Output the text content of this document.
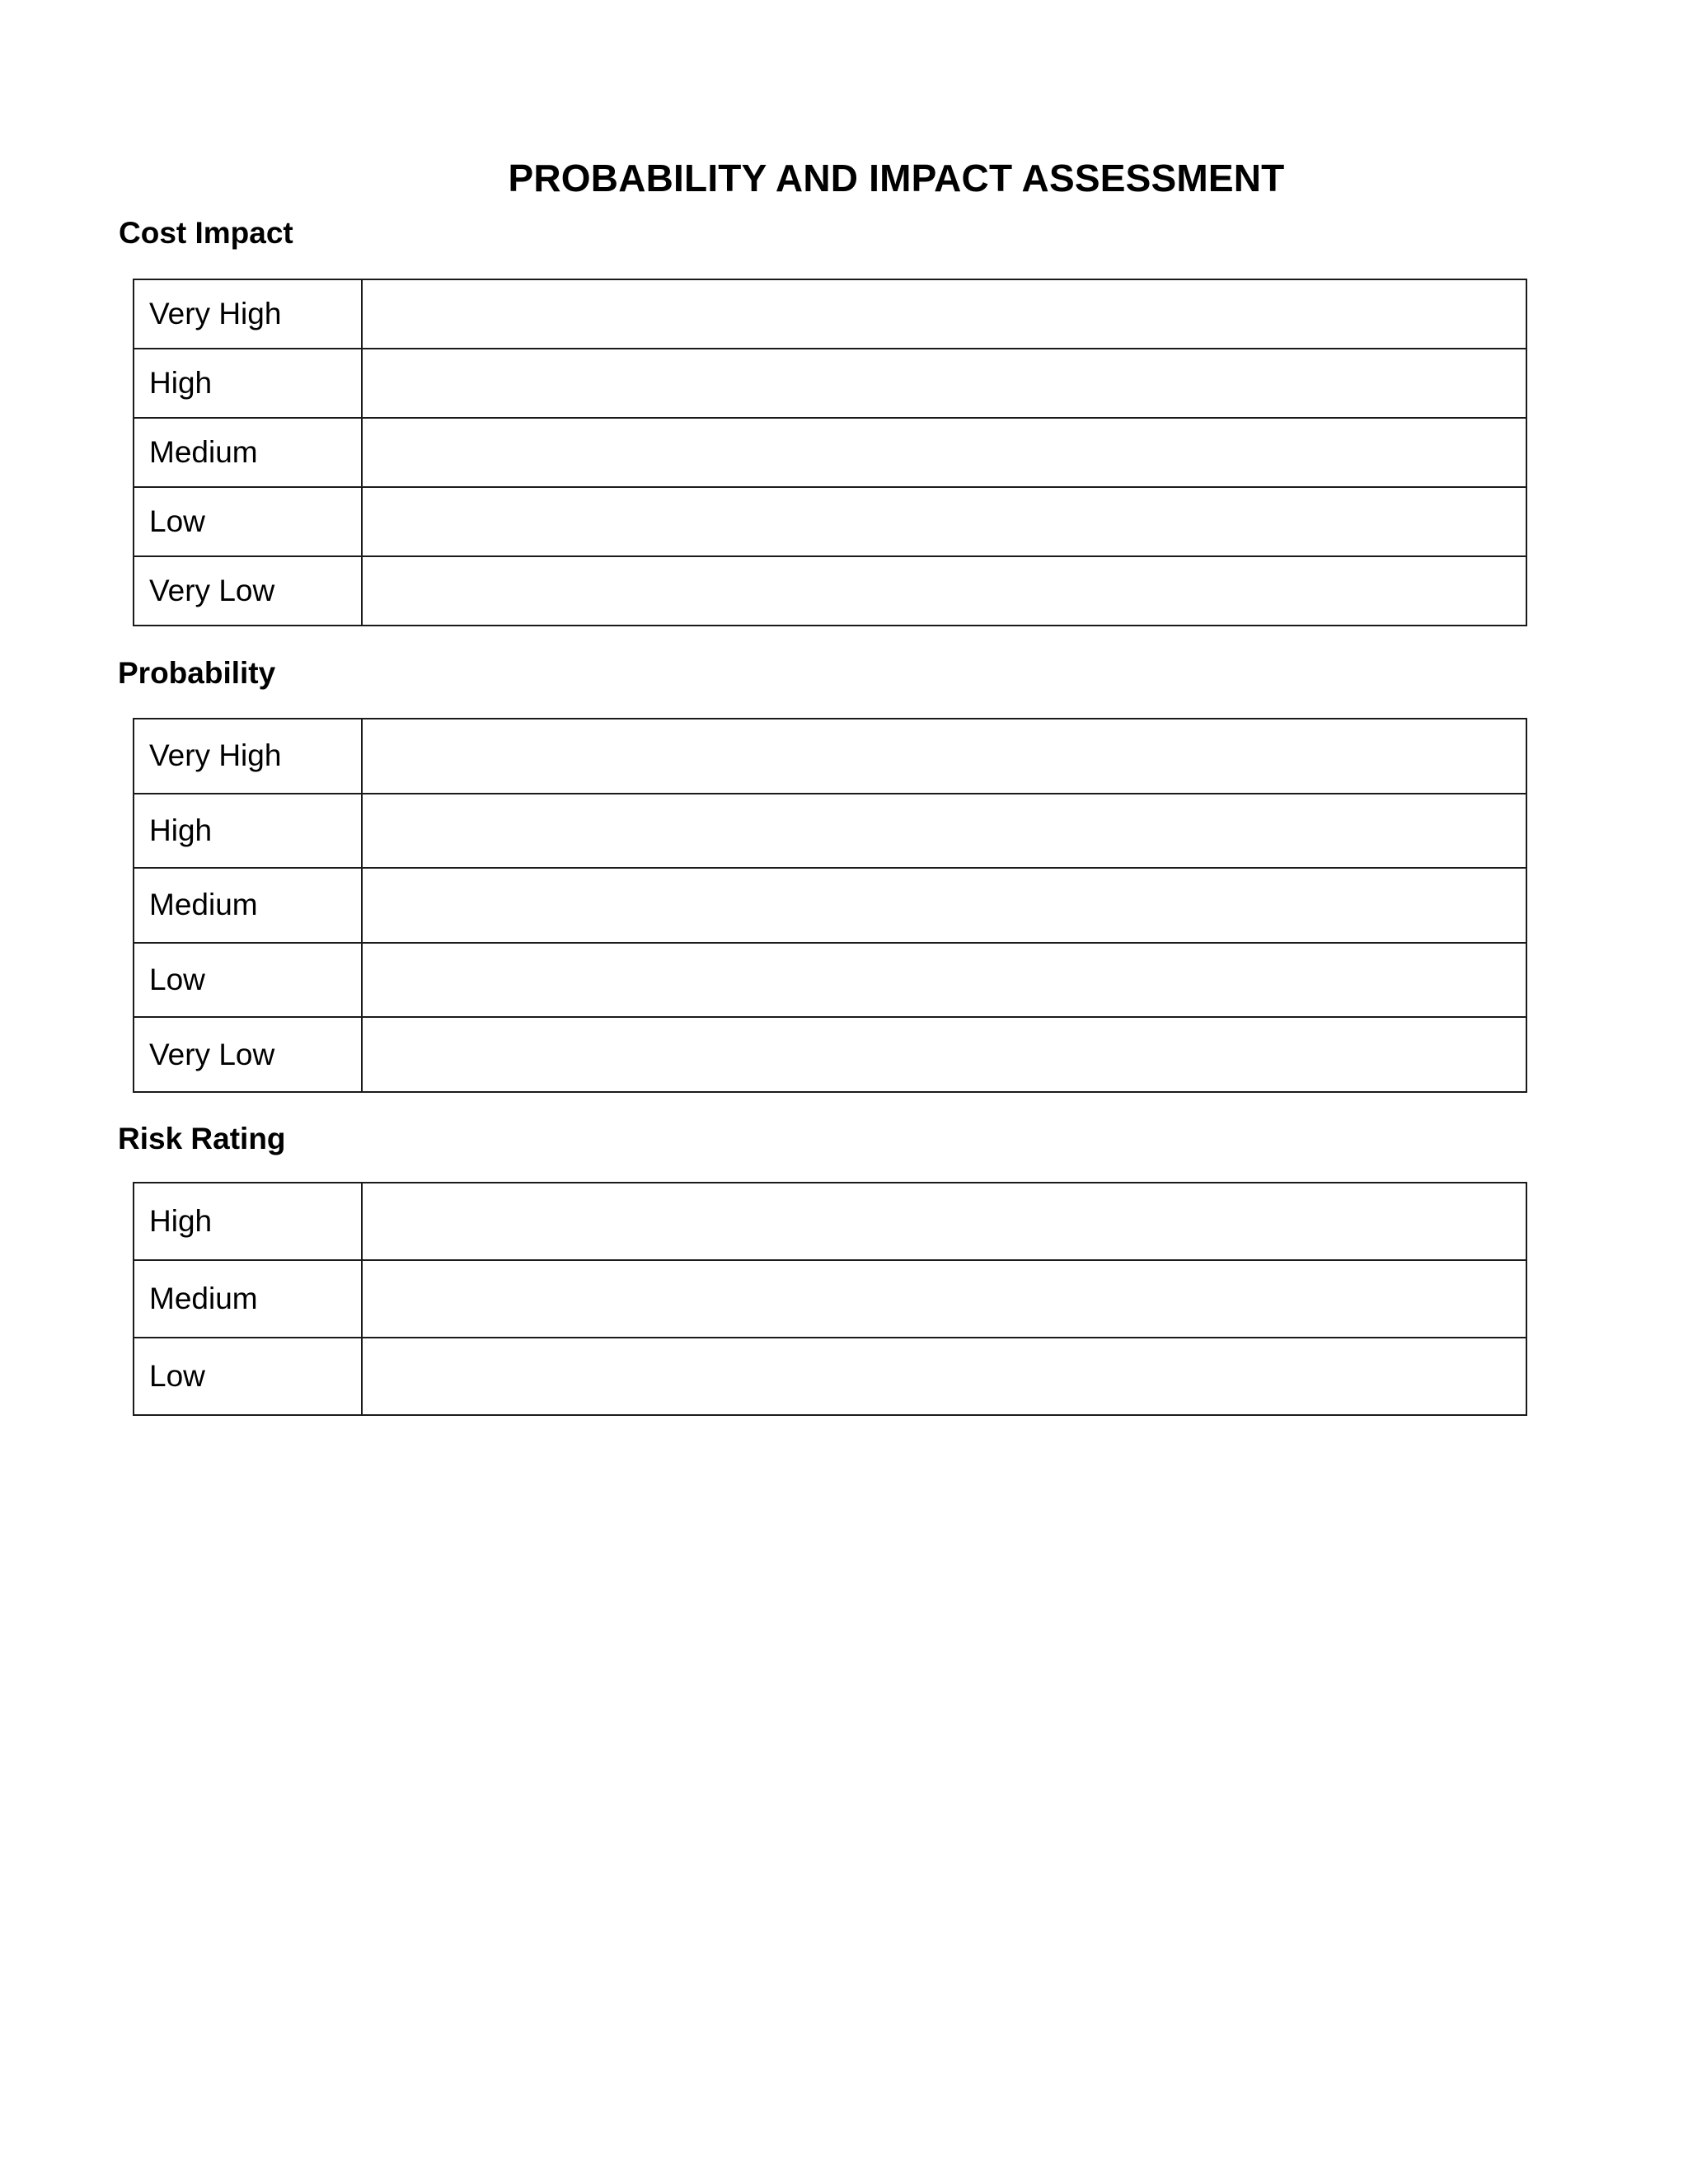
PROBABILITY AND IMPACT ASSESSMENT
Cost Impact
Very High	
High	
Medium	
Low	
Very Low	
Probability
Very High	
High	
Medium	
Low	
Very Low	
Risk Rating
High	
Medium	
Low	
